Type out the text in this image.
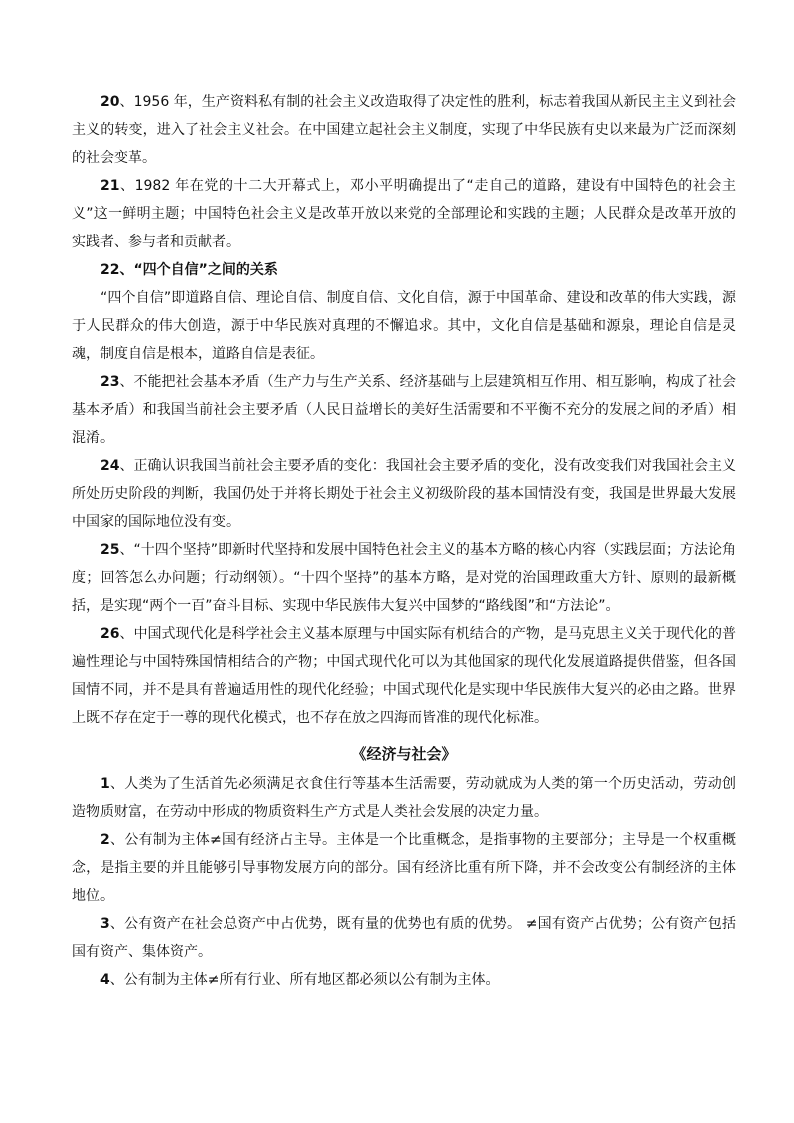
20、1956 年，生产资料私有制的社会主义改造取得了决定性的胜利，标志着我国从新民主主义到社会主义的转变，进入了社会主义社会。在中国建立起社会主义制度，实现了中华民族有史以来最为广泛而深刻的社会变革。

21、1982 年在党的十二大开幕式上，邓小平明确提出了“走自己的道路，建设有中国特色的社会主义”这一鲜明主题；中国特色社会主义是改革开放以来党的全部理论和实践的主题；人民群众是改革开放的实践者、参与者和贡献者。

22、“四个自信”之间的关系

“四个自信”即道路自信、理论自信、制度自信、文化自信，源于中国革命、建设和改革的伟大实践，源于人民群众的伟大创造，源于中华民族对真理的不懈追求。其中，文化自信是基础和源泉，理论自信是灵魂，制度自信是根本，道路自信是表征。

23、不能把社会基本矛盾（生产力与生产关系、经济基础与上层建筑相互作用、相互影响，构成了社会基本矛盾）和我国当前社会主要矛盾（人民日益增长的美好生活需要和不平衡不充分的发展之间的矛盾）相混淆。

24、正确认识我国当前社会主要矛盾的变化：我国社会主要矛盾的变化，没有改变我们对我国社会主义所处历史阶段的判断，我国仍处于并将长期处于社会主义初级阶段的基本国情没有变，我国是世界最大发展中国家的国际地位没有变。

25、“十四个坚持”即新时代坚持和发展中国特色社会主义的基本方略的核心内容（实践层面；方法论角度；回答怎么办问题；行动纲领）。“十四个坚持”的基本方略，是对党的治国理政重大方针、原则的最新概括，是实现“两个一百”奋斗目标、实现中华民族伟大复兴中国梦的“路线图”和“方法论”。

26、中国式现代化是科学社会主义基本原理与中国实际有机结合的产物，是马克思主义关于现代化的普遍性理论与中国特殊国情相结合的产物；中国式现代化可以为其他国家的现代化发展道路提供借鉴，但各国国情不同，并不是具有普遍适用性的现代化经验；中国式现代化是实现中华民族伟大复兴的必由之路。世界上既不存在定于一尊的现代化模式，也不存在放之四海而皆准的现代化标准。

《经济与社会》

1、人类为了生活首先必须满足衣食住行等基本生活需要，劳动就成为人类的第一个历史活动，劳动创造物质财富，在劳动中形成的物质资料生产方式是人类社会发展的决定力量。

2、公有制为主体≠国有经济占主导。主体是一个比重概念，是指事物的主要部分；主导是一个权重概念，是指主要的并且能够引导事物发展方向的部分。国有经济比重有所下降，并不会改变公有制经济的主体地位。

3、公有资产在社会总资产中占优势，既有量的优势也有质的优势。 ≠国有资产占优势；公有资产包括国有资产、集体资产。

4、公有制为主体≠所有行业、所有地区都必须以公有制为主体。
